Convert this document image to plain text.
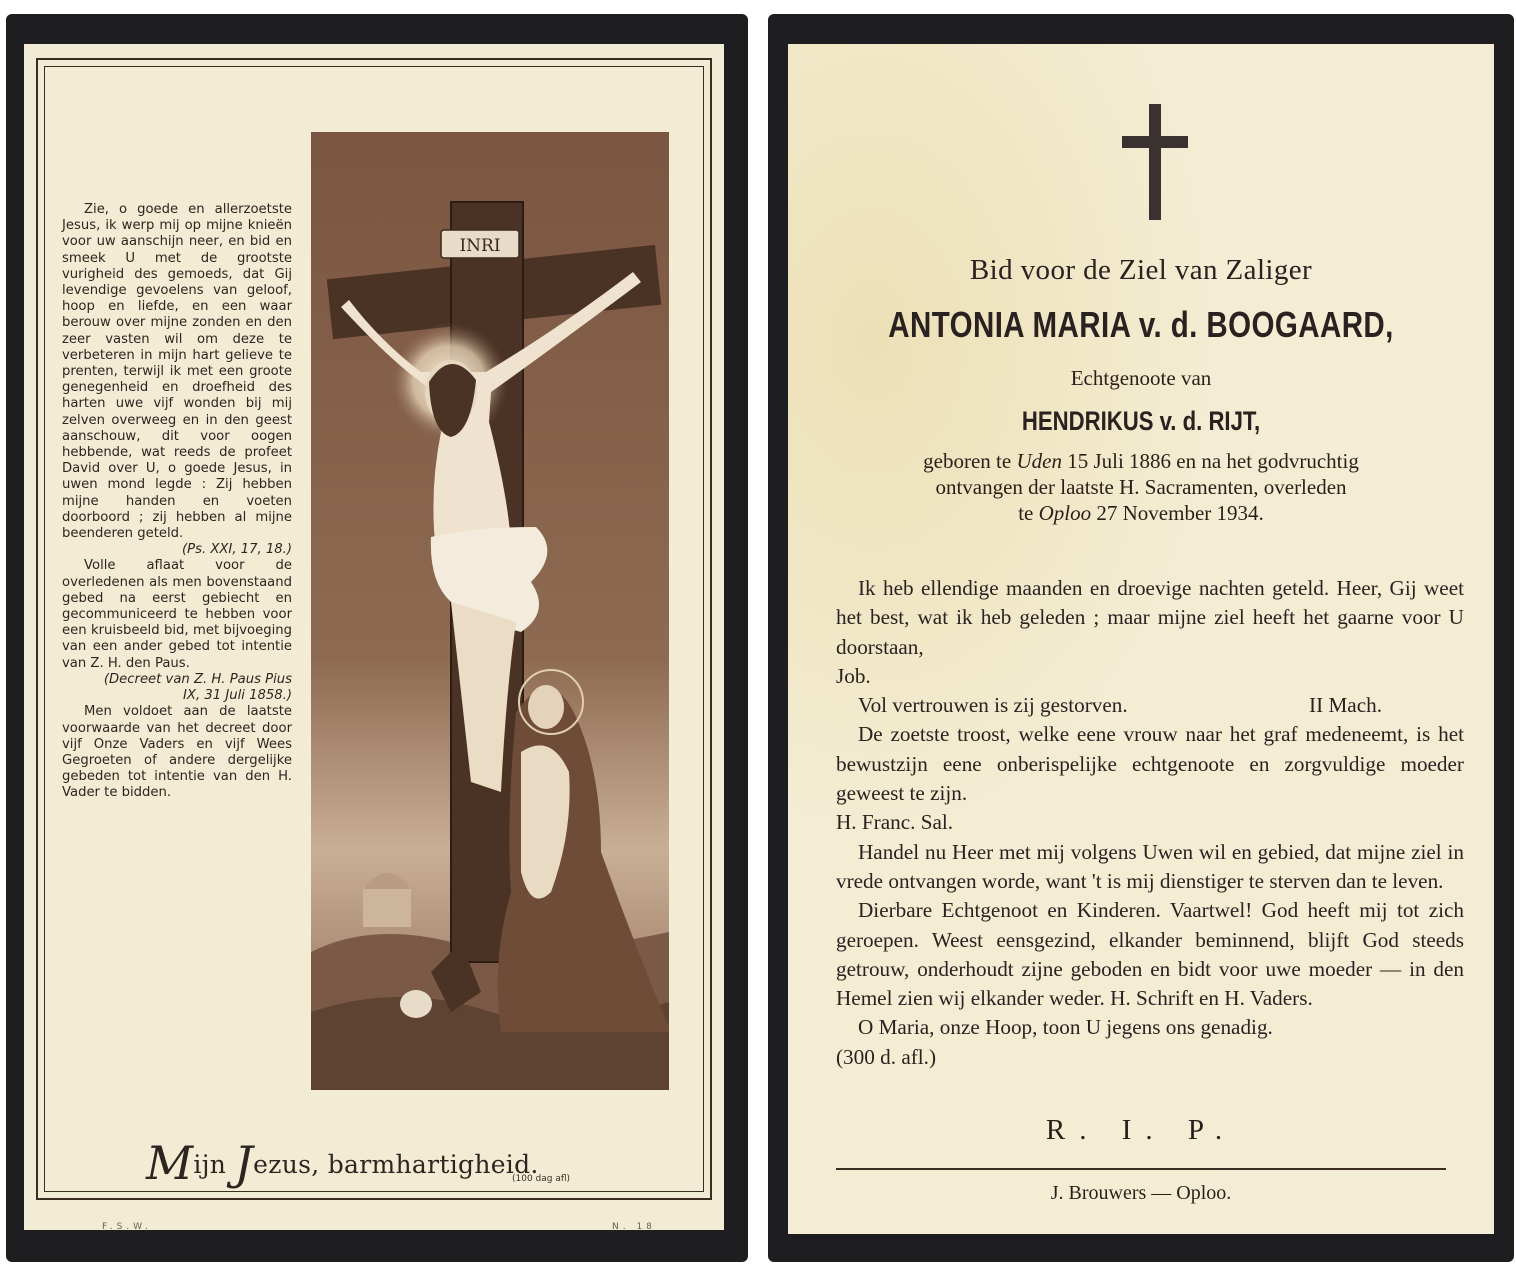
Zie, o goede en allerzoetste Jesus, ik werp mij op mijne knieën voor uw aanschijn neer, en bid en smeek U met de grootste vurigheid des gemoeds, dat Gij levendige gevoelens van geloof, hoop en liefde, en een waar berouw over mijne zonden en den zeer vasten wil om deze te verbeteren in mijn hart gelieve te prenten, terwijl ik met een groote genegenheid en droefheid des harten uwe vijf wonden bij mij zelven overweeg en in den geest aanschouw, dit voor oogen hebbende, wat reeds de profeet David over U, o goede Jesus, in uwen mond legde : Zij hebben mijne handen en voeten doorboord ; zij hebben al mijne beenderen geteld.

(Ps. XXI, 17, 18.)

Volle aflaat voor de overledenen als men bovenstaand gebed na eerst gebiecht en gecommuniceerd te hebben voor een kruisbeeld bid, met bijvoeging van een ander gebed tot intentie van Z. H. den Paus.

(Decreet van Z. H. Paus Pius IX, 31 Juli 1858.)

Men voldoet aan de laatste voorwaarde van het decreet door vijf Onze Vaders en vijf Wees Gegroeten of andere dergelijke gebeden tot intentie van den H. Vader te bidden.

INRI
Mijn Jezus, barmhartigheid.
(100 dag afl)
F.S.W.	N. 18
Bid voor de Ziel van Zaliger
ANTONIA MARIA v. d. BOOGAARD,
Echtgenoote van
HENDRIKUS v. d. RIJT,
geboren te Uden 15 Juli 1886 en na het godvruchtig
ontvangen der laatste H. Sacramenten, overleden
te Oploo 27 November 1934.

Ik heb ellendige maanden en droevige nachten geteld. Heer, Gij weet het best, wat ik heb geleden ; maar mijne ziel heeft het gaarne voor U doorstaan,

Job.

Vol vertrouwen is zij gestorven.	II Mach.

De zoetste troost, welke eene vrouw naar het graf medeneemt, is het bewustzijn eene onberispelijke echtgenoote en zorgvuldige moeder geweest te zijn.

H. Franc. Sal.

Handel nu Heer met mij volgens Uwen wil en gebied, dat mijne ziel in vrede ontvangen worde, want 't is mij dienstiger te sterven dan te leven.

Dierbare Echtgenoot en Kinderen. Vaartwel! God heeft mij tot zich geroepen. Weest eensgezind, elkander beminnend, blijft God steeds getrouw, onderhoudt zijne geboden en bidt voor uwe moeder — in den Hemel zien wij elkander weder. H. Schrift en H. Vaders.

O Maria, onze Hoop, toon U jegens ons genadig.

(300 d. afl.)

R. I. P.
J. Brouwers — Oploo.
